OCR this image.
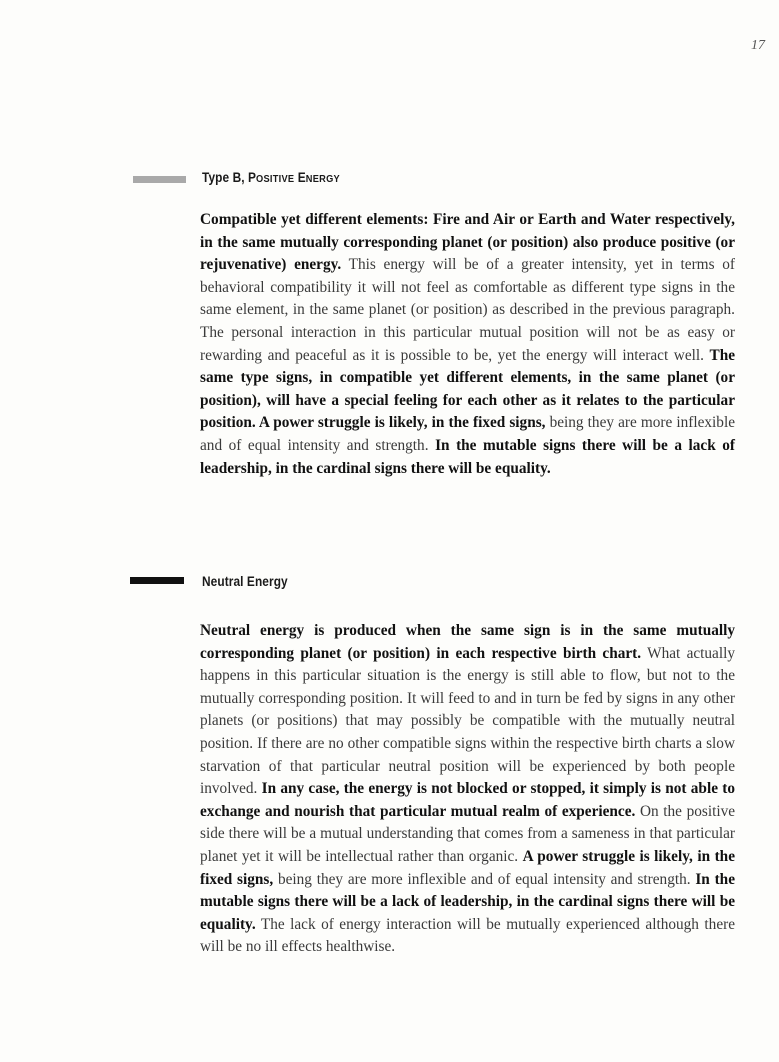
17
Type B, POSITIVE ENERGY
Compatible yet different elements: Fire and Air or Earth and Water respectively, in the same mutually corresponding planet (or position) also produce positive (or rejuvenative) energy. This energy will be of a greater intensity, yet in terms of behavioral compatibility it will not feel as comfortable as different type signs in the same element, in the same planet (or position) as described in the previous paragraph. The personal interaction in this particular mutual position will not be as easy or rewarding and peaceful as it is possible to be, yet the energy will interact well. The same type signs, in compatible yet different elements, in the same planet (or position), will have a special feeling for each other as it relates to the particular position. A power struggle is likely, in the fixed signs, being they are more inflexible and of equal intensity and strength. In the mutable signs there will be a lack of leadership, in the cardinal signs there will be equality.
Neutral Energy
Neutral energy is produced when the same sign is in the same mutually corresponding planet (or position) in each respective birth chart. What actually happens in this particular situation is the energy is still able to flow, but not to the mutually corresponding position. It will feed to and in turn be fed by signs in any other planets (or positions) that may possibly be compatible with the mutually neutral position. If there are no other compatible signs within the respective birth charts a slow starvation of that particular neutral position will be experienced by both people involved. In any case, the energy is not blocked or stopped, it simply is not able to exchange and nourish that particular mutual realm of experience. On the positive side there will be a mutual understanding that comes from a sameness in that particular planet yet it will be intellectual rather than organic. A power struggle is likely, in the fixed signs, being they are more inflexible and of equal intensity and strength. In the mutable signs there will be a lack of leadership, in the cardinal signs there will be equality. The lack of energy interaction will be mutually experienced although there will be no ill effects healthwise.
